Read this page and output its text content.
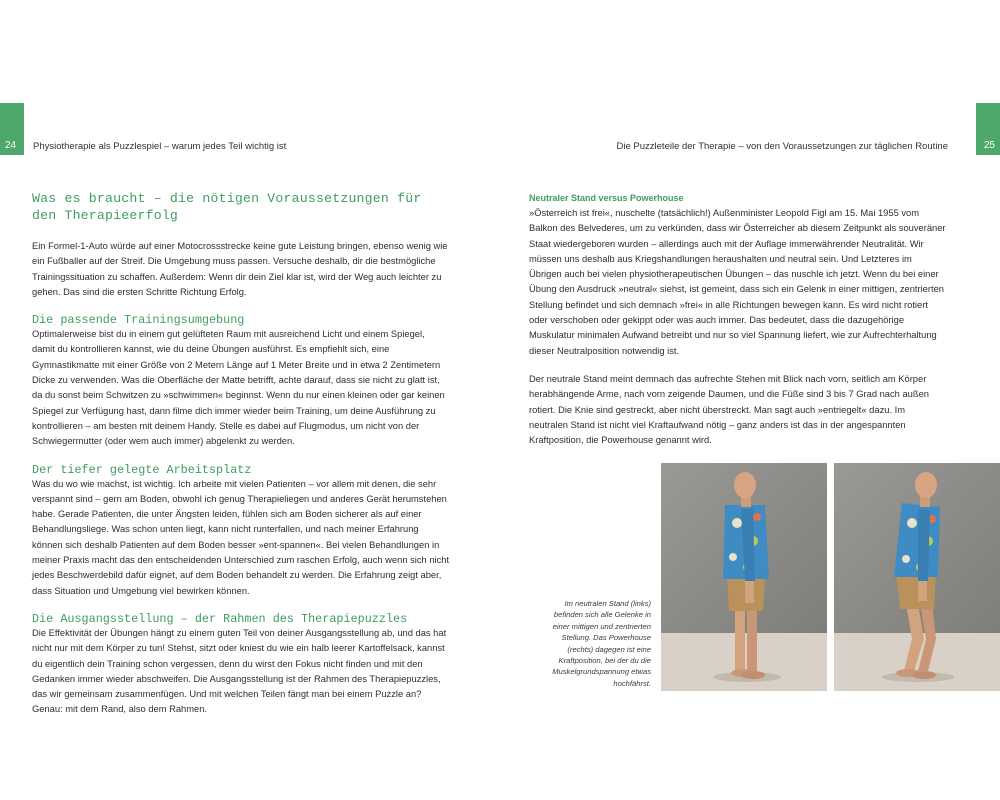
24 Physiotherapie als Puzzlespiel – warum jedes Teil wichtig ist	25
Die Puzzleteile der Therapie – von den Voraussetzungen zur täglichen Routine
Was es braucht – die nötigen Voraussetzungen für den Therapieerfolg

Ein Formel-1-Auto würde auf einer Motocrossstrecke keine gute Leistung bringen, ebenso wenig wie ein Fußballer auf der Streif. Die Umgebung muss passen. Versuche deshalb, dir die bestmögliche Trainingssituation zu schaffen. Außerdem: Wenn dir dein Ziel klar ist, wird der Weg auch leichter zu gehen. Das sind die ersten Schritte Richtung Erfolg.

Die passende Trainingsumgebung

Optimalerweise bist du in einem gut gelüfteten Raum mit ausreichend Licht und einem Spiegel, damit du kontrollieren kannst, wie du deine Übungen ausführst. Es empfiehlt sich, eine Gymnastikmatte mit einer Größe von 2 Metern Länge auf 1 Meter Breite und in etwa 2 Zentimetern Dicke zu verwenden. Was die Oberfläche der Matte betrifft, achte darauf, dass sie nicht zu glatt ist, da du sonst beim Schwitzen zu »schwimmen« beginnst. Wenn du nur einen kleinen oder gar keinen Spiegel zur Verfügung hast, dann filme dich immer wieder beim Training, um deine Ausführung zu kontrollieren – am besten mit deinem Handy. Stelle es dabei auf Flugmodus, um nicht von der Schwiegermutter (oder wem auch immer) abgelenkt zu werden.

Der tiefer gelegte Arbeitsplatz

Was du wo wie machst, ist wichtig. Ich arbeite mit vielen Patienten – vor allem mit denen, die sehr verspannt sind – gern am Boden, obwohl ich genug Therapieliegen und anderes Gerät herumstehen habe. Gerade Patienten, die unter Ängsten leiden, fühlen sich am Boden sicherer als auf einer Behandlungsliege. Was schon unten liegt, kann nicht runterfallen, und nach meiner Erfahrung können sich deshalb Patienten auf dem Boden besser »ent-spannen«. Bei vielen Behandlungen in meiner Praxis macht das den entscheidenden Unterschied zum raschen Erfolg, auch wenn sich nicht jedes Beschwerdebild dafür eignet, auf dem Boden behandelt zu werden. Die Erfahrung zeigt aber, dass Situation und Umgebung viel bewirken können.

Die Ausgangsstellung – der Rahmen des Therapiepuzzles

Die Effektivität der Übungen hängt zu einem guten Teil von deiner Ausgangsstellung ab, und das hat nicht nur mit dem Körper zu tun! Stehst, sitzt oder kniest du wie ein halb leerer Kartoffelsack, kannst du eigentlich dein Training schon vergessen, denn du wirst den Fokus nicht finden und mit den Gedanken immer wieder abschweifen. Die Ausgangsstellung ist der Rahmen des Therapiepuzzles, das wir gemeinsam zusammenfügen. Und mit welchen Teilen fängt man bei einem Puzzle an? Genau: mit dem Rand, also dem Rahmen.

Neutraler Stand versus Powerhouse

»Österreich ist frei«, nuschelte (tatsächlich!) Außenminister Leopold Figl am 15. Mai 1955 vom Balkon des Belvederes, um zu verkünden, dass wir Österreicher ab diesem Zeitpunkt als souveräner Staat wiedergeboren wurden – allerdings auch mit der Auflage immerwährender Neutralität. Wir müssen uns deshalb aus Kriegshandlungen heraushalten und neutral sein. Und Letzteres im Übrigen auch bei vielen physiotherapeutischen Übungen – das nuschle ich jetzt. Wenn du bei einer Übung den Ausdruck »neutral« siehst, ist gemeint, dass sich ein Gelenk in einer mittigen, zentrierten Stellung befindet und sich demnach »frei« in alle Richtungen bewegen kann. Es wird nicht rotiert oder verschoben oder gekippt oder was auch immer. Das bedeutet, dass die dazugehörige Muskulatur minimalen Aufwand betreibt und nur so viel Spannung liefert, wie zur Aufrechterhaltung dieser Neutralposition notwendig ist.

Der neutrale Stand meint demnach das aufrechte Stehen mit Blick nach vorn, seitlich am Körper herabhängende Arme, nach vorn zeigende Daumen, und die Füße sind 3 bis 7 Grad nach außen rotiert. Die Knie sind gestreckt, aber nicht überstreckt. Man sagt auch »entriegelt« dazu. Im neutralen Stand ist nicht viel Kraftaufwand nötig – ganz anders ist das in der angespannten Kraftposition, die Powerhouse genannt wird.

Im neutralen Stand (links) befinden sich alle Gelenke in einer mittigen und zentrierten Stellung. Das Powerhouse (rechts) dagegen ist eine Kraftposition, bei der du die Muskelgrundspannung etwas hochfährst.
